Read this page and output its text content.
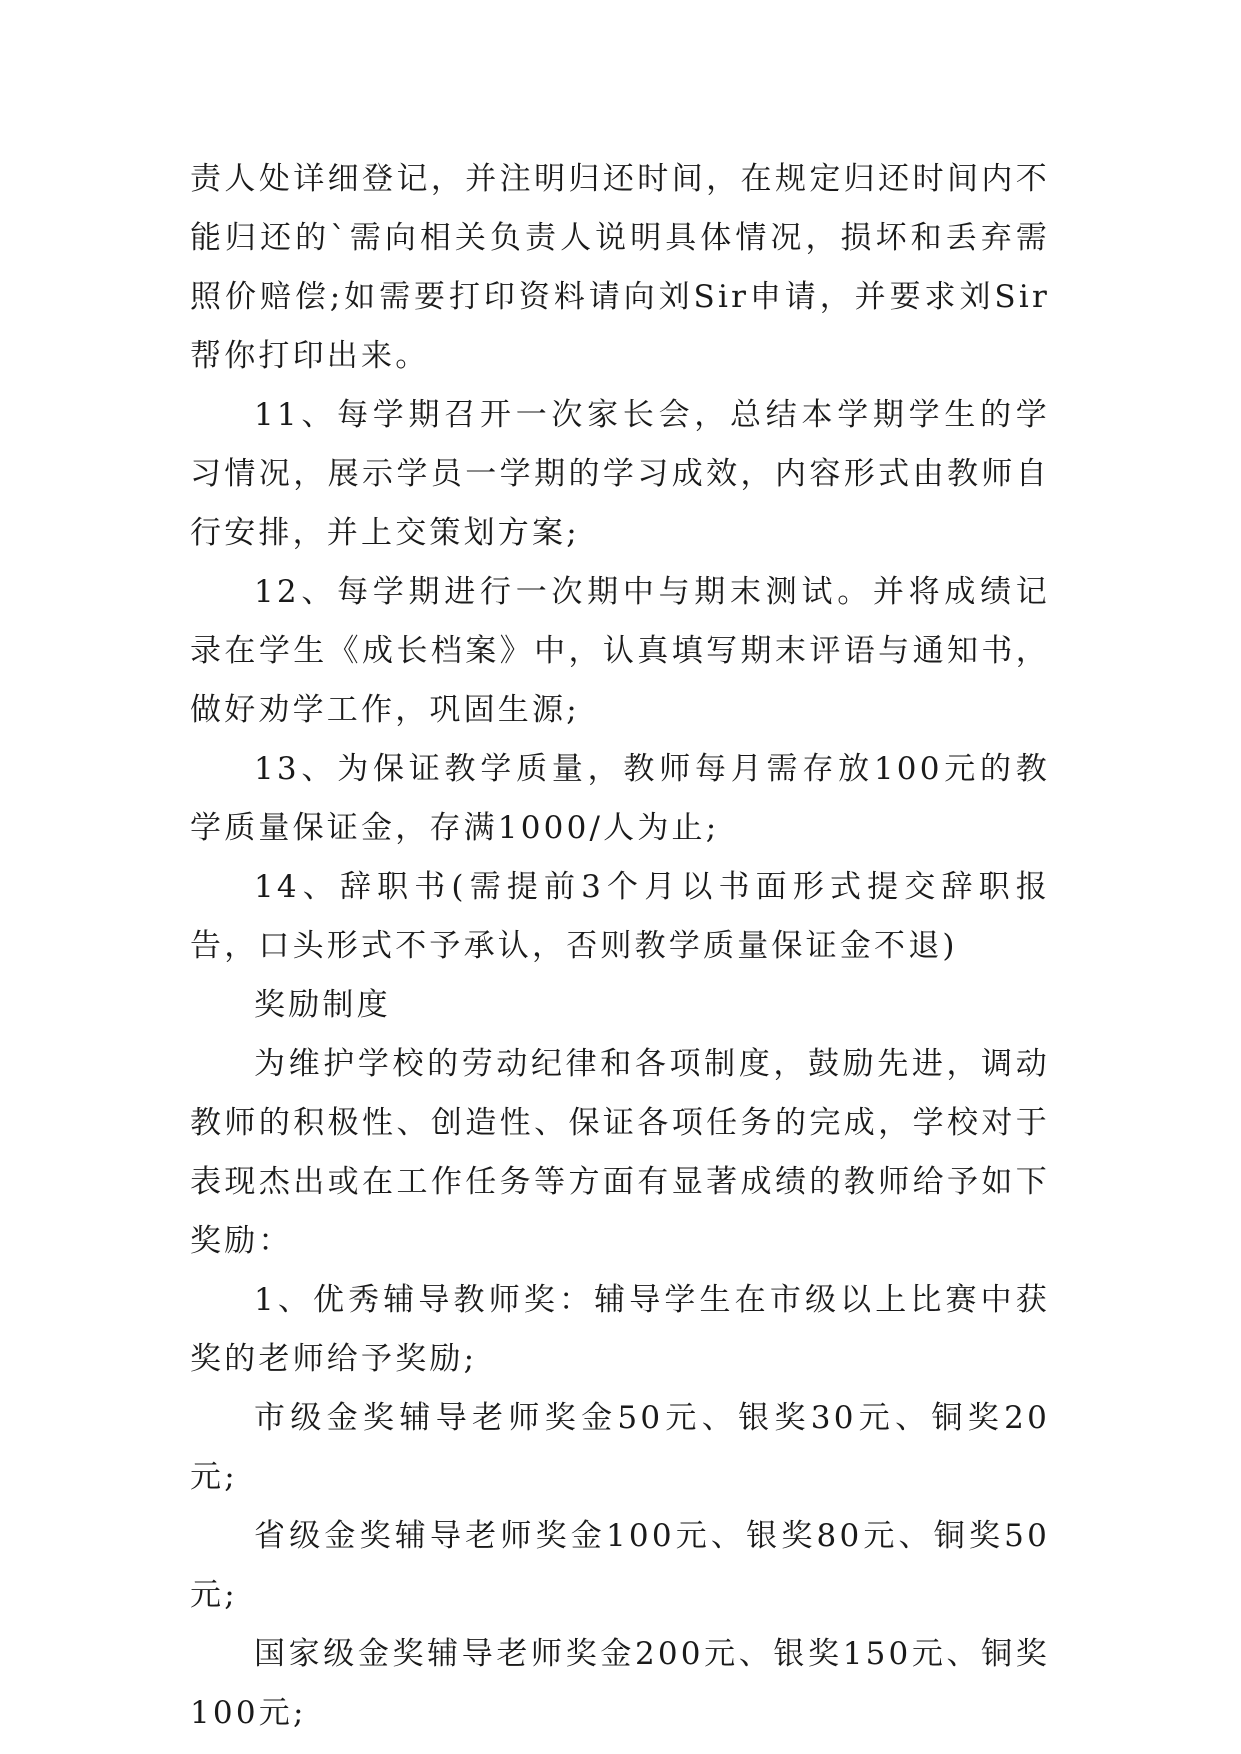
责人处详细登记，并注明归还时间，在规定归还时间内不能归还的`需向相关负责人说明具体情况，损坏和丢弃需照价赔偿;如需要打印资料请向刘Sir申请，并要求刘Sir帮你打印出来。

11、每学期召开一次家长会，总结本学期学生的学习情况，展示学员一学期的学习成效，内容形式由教师自行安排，并上交策划方案;

12、每学期进行一次期中与期末测试。并将成绩记录在学生《成长档案》中，认真填写期末评语与通知书，做好劝学工作，巩固生源;

13、为保证教学质量，教师每月需存放100元的教学质量保证金，存满1000/人为止;

14、辞职书(需提前3个月以书面形式提交辞职报告，口头形式不予承认，否则教学质量保证金不退)

奖励制度

为维护学校的劳动纪律和各项制度，鼓励先进，调动教师的积极性、创造性、保证各项任务的完成，学校对于表现杰出或在工作任务等方面有显著成绩的教师给予如下奖励：

1、优秀辅导教师奖：辅导学生在市级以上比赛中获奖的老师给予奖励;

市级金奖辅导老师奖金50元、银奖30元、铜奖20元;

省级金奖辅导老师奖金100元、银奖80元、铜奖50元;

国家级金奖辅导老师奖金200元、银奖150元、铜奖100元;
